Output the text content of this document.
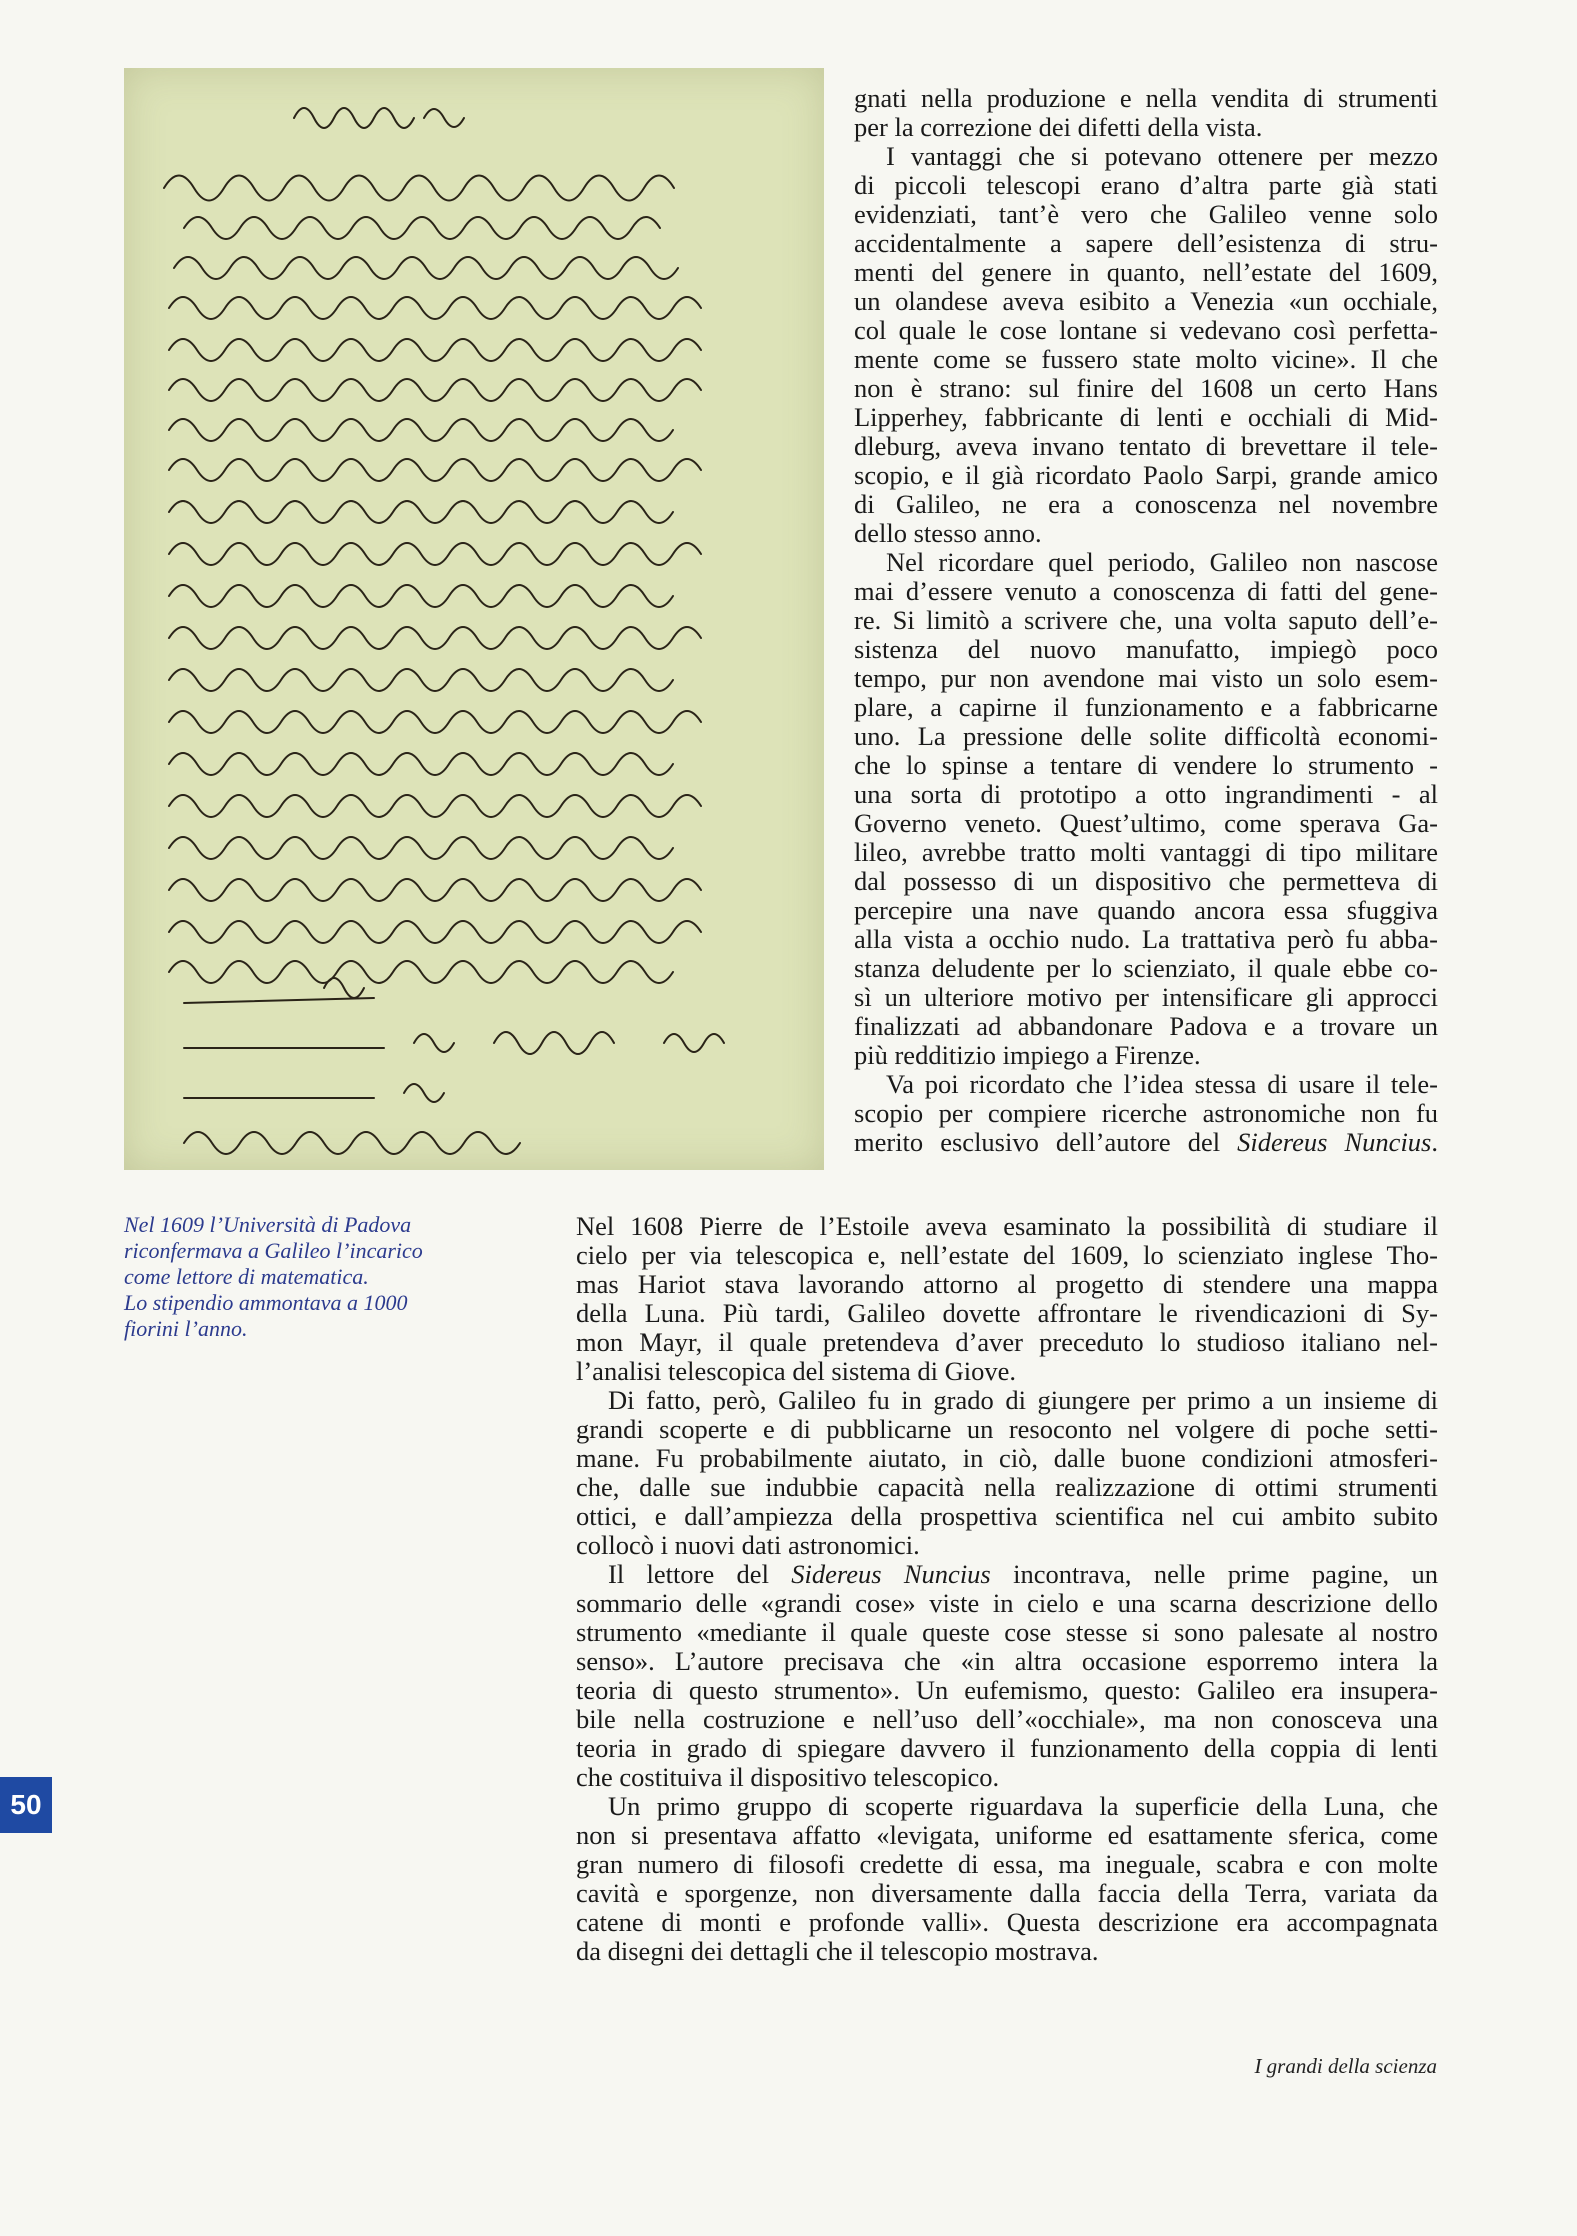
Nel 1609 l’Università di Padova

riconfermava a Galileo l’incarico

come lettore di matematica.

Lo stipendio ammontava a 1000

fiorini l’anno.

gnati nella produzione e nella vendita di strumenti
per la correzione dei difetti della vista.
I vantaggi che si potevano ottenere per mezzo
di piccoli telescopi erano d’altra parte già stati
evidenziati, tant’è vero che Galileo venne solo
accidentalmente a sapere dell’esistenza di stru-
menti del genere in quanto, nell’estate del 1609,
un olandese aveva esibito a Venezia «un occhiale,
col quale le cose lontane si vedevano così perfetta-
mente come se fussero state molto vicine». Il che
non è strano: sul finire del 1608 un certo Hans
Lipperhey, fabbricante di lenti e occhiali di Mid-
dleburg, aveva invano tentato di brevettare il tele-
scopio, e il già ricordato Paolo Sarpi, grande amico
di Galileo, ne era a conoscenza nel novembre
dello stesso anno.
Nel ricordare quel periodo, Galileo non nascose
mai d’essere venuto a conoscenza di fatti del gene-
re. Si limitò a scrivere che, una volta saputo dell’e-
sistenza del nuovo manufatto, impiegò poco
tempo, pur non avendone mai visto un solo esem-
plare, a capirne il funzionamento e a fabbricarne
uno. La pressione delle solite difficoltà economi-
che lo spinse a tentare di vendere lo strumento -
una sorta di prototipo a otto ingrandimenti - al
Governo veneto. Quest’ultimo, come sperava Ga-
lileo, avrebbe tratto molti vantaggi di tipo militare
dal possesso di un dispositivo che permetteva di
percepire una nave quando ancora essa sfuggiva
alla vista a occhio nudo. La trattativa però fu abba-
stanza deludente per lo scienziato, il quale ebbe co-
sì un ulteriore motivo per intensificare gli approcci
finalizzati ad abbandonare Padova e a trovare un
più redditizio impiego a Firenze.
Va poi ricordato che l’idea stessa di usare il tele-
scopio per compiere ricerche astronomiche non fu
merito esclusivo dell’autore del Sidereus Nuncius.
Nel 1608 Pierre de l’Estoile aveva esaminato la possibilità di studiare il
cielo per via telescopica e, nell’estate del 1609, lo scienziato inglese Tho-
mas Hariot stava lavorando attorno al progetto di stendere una mappa
della Luna. Più tardi, Galileo dovette affrontare le rivendicazioni di Sy-
mon Mayr, il quale pretendeva d’aver preceduto lo studioso italiano nel-
l’analisi telescopica del sistema di Giove.
Di fatto, però, Galileo fu in grado di giungere per primo a un insieme di
grandi scoperte e di pubblicarne un resoconto nel volgere di poche setti-
mane. Fu probabilmente aiutato, in ciò, dalle buone condizioni atmosferi-
che, dalle sue indubbie capacità nella realizzazione di ottimi strumenti
ottici, e dall’ampiezza della prospettiva scientifica nel cui ambito subito
collocò i nuovi dati astronomici.
Il lettore del Sidereus Nuncius incontrava, nelle prime pagine, un
sommario delle «grandi cose» viste in cielo e una scarna descrizione dello
strumento «mediante il quale queste cose stesse si sono palesate al nostro
senso». L’autore precisava che «in altra occasione esporremo intera la
teoria di questo strumento». Un eufemismo, questo: Galileo era insupera-
bile nella costruzione e nell’uso dell’«occhiale», ma non conosceva una
teoria in grado di spiegare davvero il funzionamento della coppia di lenti
che costituiva il dispositivo telescopico.
Un primo gruppo di scoperte riguardava la superficie della Luna, che
non si presentava affatto «levigata, uniforme ed esattamente sferica, come
gran numero di filosofi credette di essa, ma ineguale, scabra e con molte
cavità e sporgenze, non diversamente dalla faccia della Terra, variata da
catene di monti e profonde valli». Questa descrizione era accompagnata
da disegni dei dettagli che il telescopio mostrava.
50
I grandi della scienza
